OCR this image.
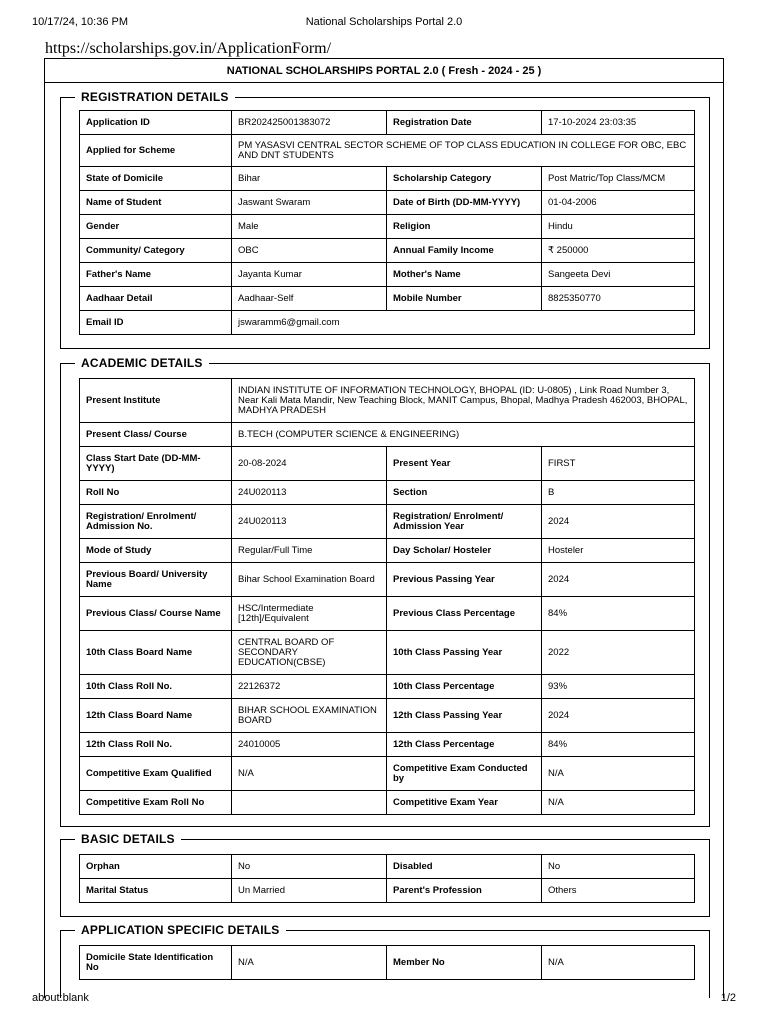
10/17/24, 10:36 PM	National Scholarships Portal 2.0
https://scholarships.gov.in/ApplicationForm/
NATIONAL SCHOLARSHIPS PORTAL 2.0 ( Fresh - 2024 - 25 )
REGISTRATION DETAILS
Application ID	BR202425001383072	Registration Date	17-10-2024 23:03:35
Applied for Scheme	PM YASASVI CENTRAL SECTOR SCHEME OF TOP CLASS EDUCATION IN COLLEGE FOR OBC, EBC AND DNT STUDENTS		
State of Domicile	Bihar	Scholarship Category	Post Matric/Top Class/MCM
Name of Student	Jaswant Swaram	Date of Birth (DD-MM-YYYY)	01-04-2006
Gender	Male	Religion	Hindu
Community/ Category	OBC	Annual Family Income	₹ 250000
Father's Name	Jayanta Kumar	Mother's Name	Sangeeta Devi
Aadhaar Detail	Aadhaar-Self	Mobile Number	8825350770
Email ID	jswaramm6@gmail.com		
ACADEMIC DETAILS
Present Institute	INDIAN INSTITUTE OF INFORMATION TECHNOLOGY, BHOPAL (ID: U-0805) , Link Road Number 3, Near Kali Mata Mandir, New Teaching Block, MANIT Campus, Bhopal, Madhya Pradesh 462003, BHOPAL, MADHYA PRADESH		
Present Class/ Course	B.TECH (COMPUTER SCIENCE & ENGINEERING)		
Class Start Date (DD-MM-YYYY)	20-08-2024	Present Year	FIRST
Roll No	24U020113	Section	B
Registration/ Enrolment/ Admission No.	24U020113	Registration/ Enrolment/ Admission Year	2024
Mode of Study	Regular/Full Time	Day Scholar/ Hosteler	Hosteler
Previous Board/ University Name	Bihar School Examination Board	Previous Passing Year	2024
Previous Class/ Course Name	HSC/Intermediate [12th]/Equivalent	Previous Class Percentage	84%
10th Class Board Name	CENTRAL BOARD OF SECONDARY EDUCATION(CBSE)	10th Class Passing Year	2022
10th Class Roll No.	22126372	10th Class Percentage	93%
12th Class Board Name	BIHAR SCHOOL EXAMINATION BOARD	12th Class Passing Year	2024
12th Class Roll No.	24010005	12th Class Percentage	84%
Competitive Exam Qualified	N/A	Competitive Exam Conducted by	N/A
Competitive Exam Roll No		Competitive Exam Year	N/A
BASIC DETAILS
Orphan	No	Disabled	No
Marital Status	Un Married	Parent's Profession	Others
APPLICATION SPECIFIC DETAILS
Domicile State Identification No	N/A	Member No	N/A
about:blank	1/2
